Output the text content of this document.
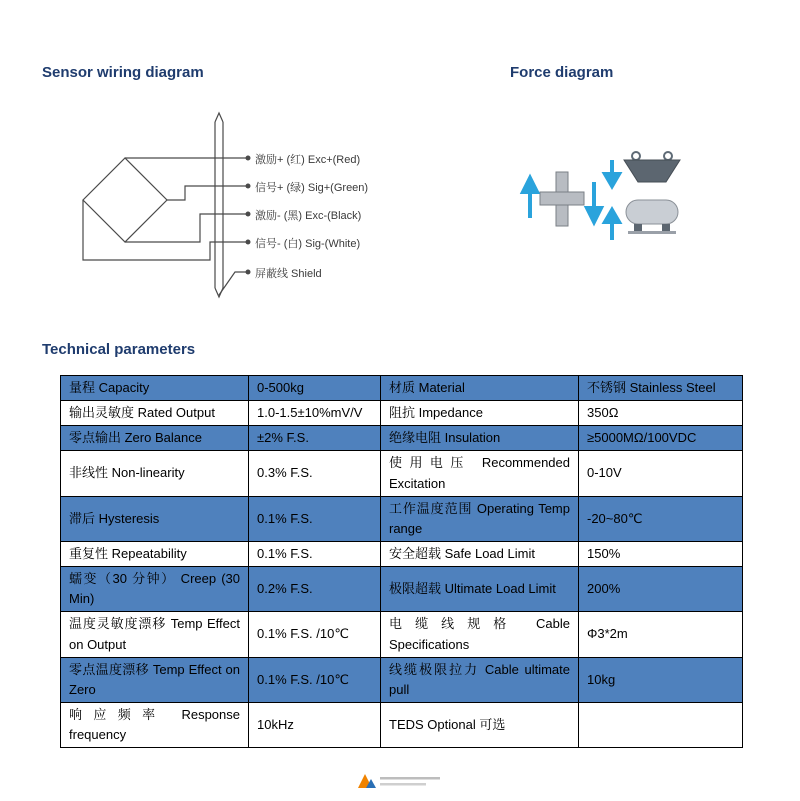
Sensor wiring diagram	Force diagram
激励+ (红) Exc+(Red)
信号+ (绿) Sig+(Green)
激励- (黑) Exc-(Black)
信号- (白) Sig-(White)
屏蔽线 Shield
Technical parameters
量程 Capacity	0-500kg	材质 Material	不锈钢 Stainless Steel
输出灵敏度 Rated Output	1.0-1.5±10%mV/V	阻抗 Impedance	350Ω
零点输出 Zero Balance	±2% F.S.	绝缘电阻 Insulation	≥5000MΩ/100VDC
非线性 Non-linearity	0.3% F.S.	使用电压 Recommended Excitation	0-10V
滞后 Hysteresis	0.1% F.S.	工作温度范围 Operating Temp range	-20~80℃
重复性 Repeatability	0.1% F.S.	安全超载 Safe Load Limit	150%
蠕变（30 分钟） Creep (30 Min)	0.2% F.S.	极限超载 Ultimate Load Limit	200%
温度灵敏度漂移 Temp Effect on Output	0.1% F.S. /10℃	电缆线规格 Cable Specifications	Φ3*2m
零点温度漂移 Temp Effect on Zero	0.1% F.S. /10℃	线缆极限拉力 Cable ultimate pull	10kg
响应频率 Response frequency	10kHz	TEDS Optional 可选	
